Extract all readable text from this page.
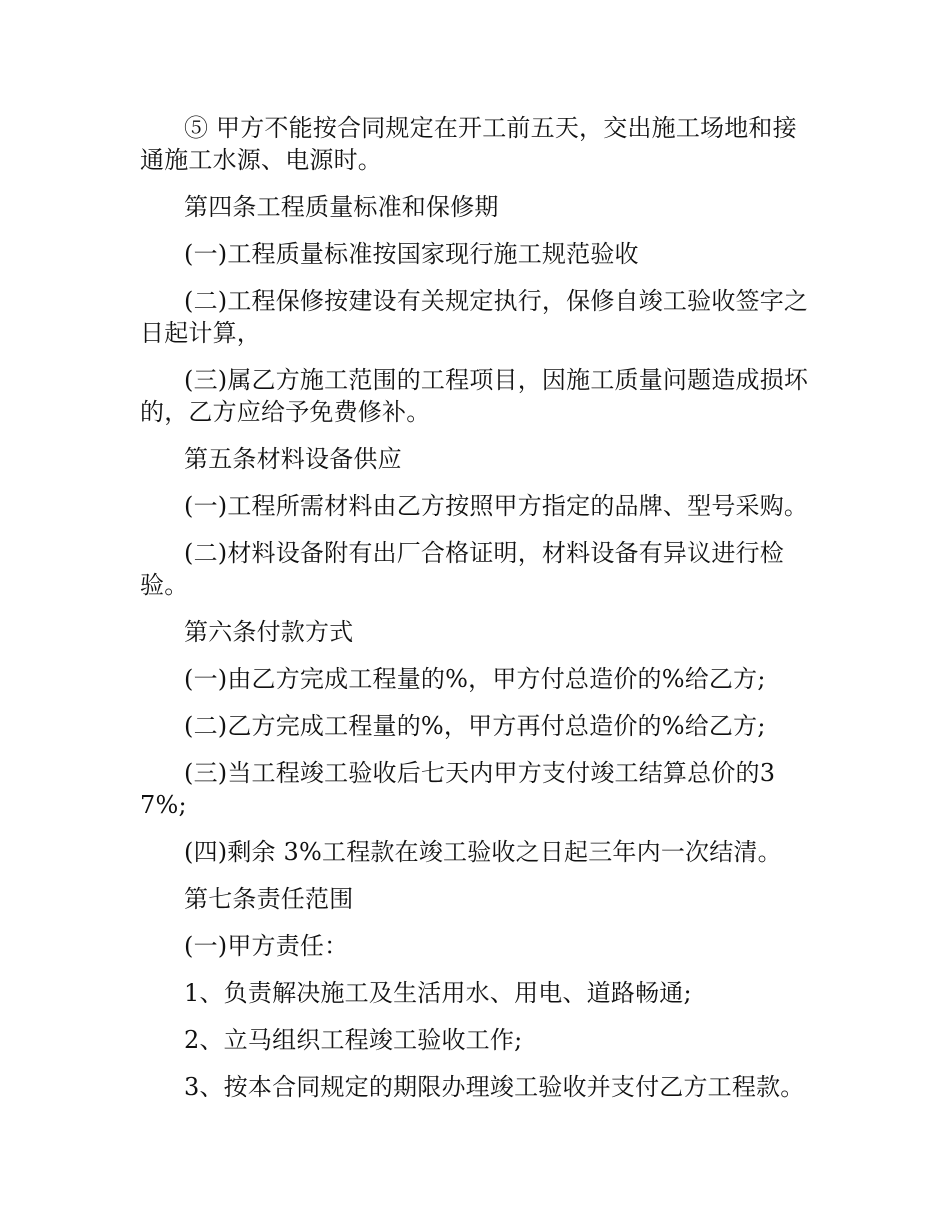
⑤ 甲方不能按合同规定在开工前五天，交出施工场地和接通施工水源、电源时。

第四条工程质量标准和保修期

(一)工程质量标准按国家现行施工规范验收

(二)工程保修按建设有关规定执行，保修自竣工验收签字之日起计算，

(三)属乙方施工范围的工程项目，因施工质量问题造成损坏的，乙方应给予免费修补。

第五条材料设备供应

(一)工程所需材料由乙方按照甲方指定的品牌、型号采购。

(二)材料设备附有出厂合格证明，材料设备有异议进行检验。

第六条付款方式

(一)由乙方完成工程量的%，甲方付总造价的%给乙方;

(二)乙方完成工程量的%，甲方再付总造价的%给乙方;

(三)当工程竣工验收后七天内甲方支付竣工结算总价的37%;

(四)剩余 3%工程款在竣工验收之日起三年内一次结清。

第七条责任范围

(一)甲方责任：

1、负责解决施工及生活用水、用电、道路畅通;

2、立马组织工程竣工验收工作;

3、按本合同规定的期限办理竣工验收并支付乙方工程款。
